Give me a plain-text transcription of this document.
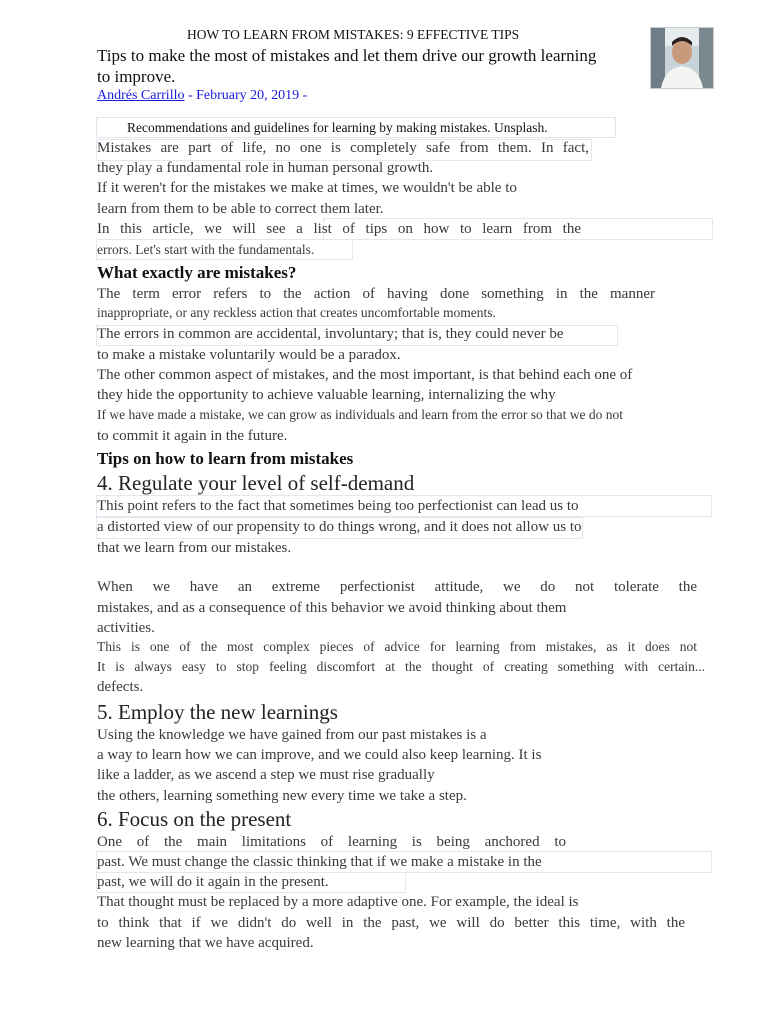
HOW TO LEARN FROM MISTAKES: 9 EFFECTIVE TIPS
Tips to make the most of mistakes and let them drive our growth learning to improve.
Andrés Carrillo - February 20, 2019 -
Recommendations and guidelines for learning by making mistakes. Unsplash.
Mistakes are part of life, no one is completely safe from them. In fact,
they play a fundamental role in human personal growth.
If it weren't for the mistakes we make at times, we wouldn't be able to
learn from them to be able to correct them later.
In this article, we will see a list of tips on how to learn from the
errors. Let's start with the fundamentals.
What exactly are mistakes?
The term error refers to the action of having done something in the manner
inappropriate, or any reckless action that creates uncomfortable moments.
The errors in common are accidental, involuntary; that is, they could never be
to make a mistake voluntarily would be a paradox.
The other common aspect of mistakes, and the most important, is that behind each one of
they hide the opportunity to achieve valuable learning, internalizing the why
If we have made a mistake, we can grow as individuals and learn from the error so that we do not
to commit it again in the future.
Tips on how to learn from mistakes
4. Regulate your level of self-demand
This point refers to the fact that sometimes being too perfectionist can lead us to
a distorted view of our propensity to do things wrong, and it does not allow us to
that we learn from our mistakes.
When we have an extreme perfectionist attitude, we do not tolerate the
mistakes, and as a consequence of this behavior we avoid thinking about them
activities.
This is one of the most complex pieces of advice for learning from mistakes, as it does not
It is always easy to stop feeling discomfort at the thought of creating something with certain...
defects.
5. Employ the new learnings
Using the knowledge we have gained from our past mistakes is a
a way to learn how we can improve, and we could also keep learning. It is
like a ladder, as we ascend a step we must rise gradually
the others, learning something new every time we take a step.
6. Focus on the present
One of the main limitations of learning is being anchored to
past. We must change the classic thinking that if we make a mistake in the
past, we will do it again in the present.
That thought must be replaced by a more adaptive one. For example, the ideal is
to think that if we didn't do well in the past, we will do better this time, with the
new learning that we have acquired.
